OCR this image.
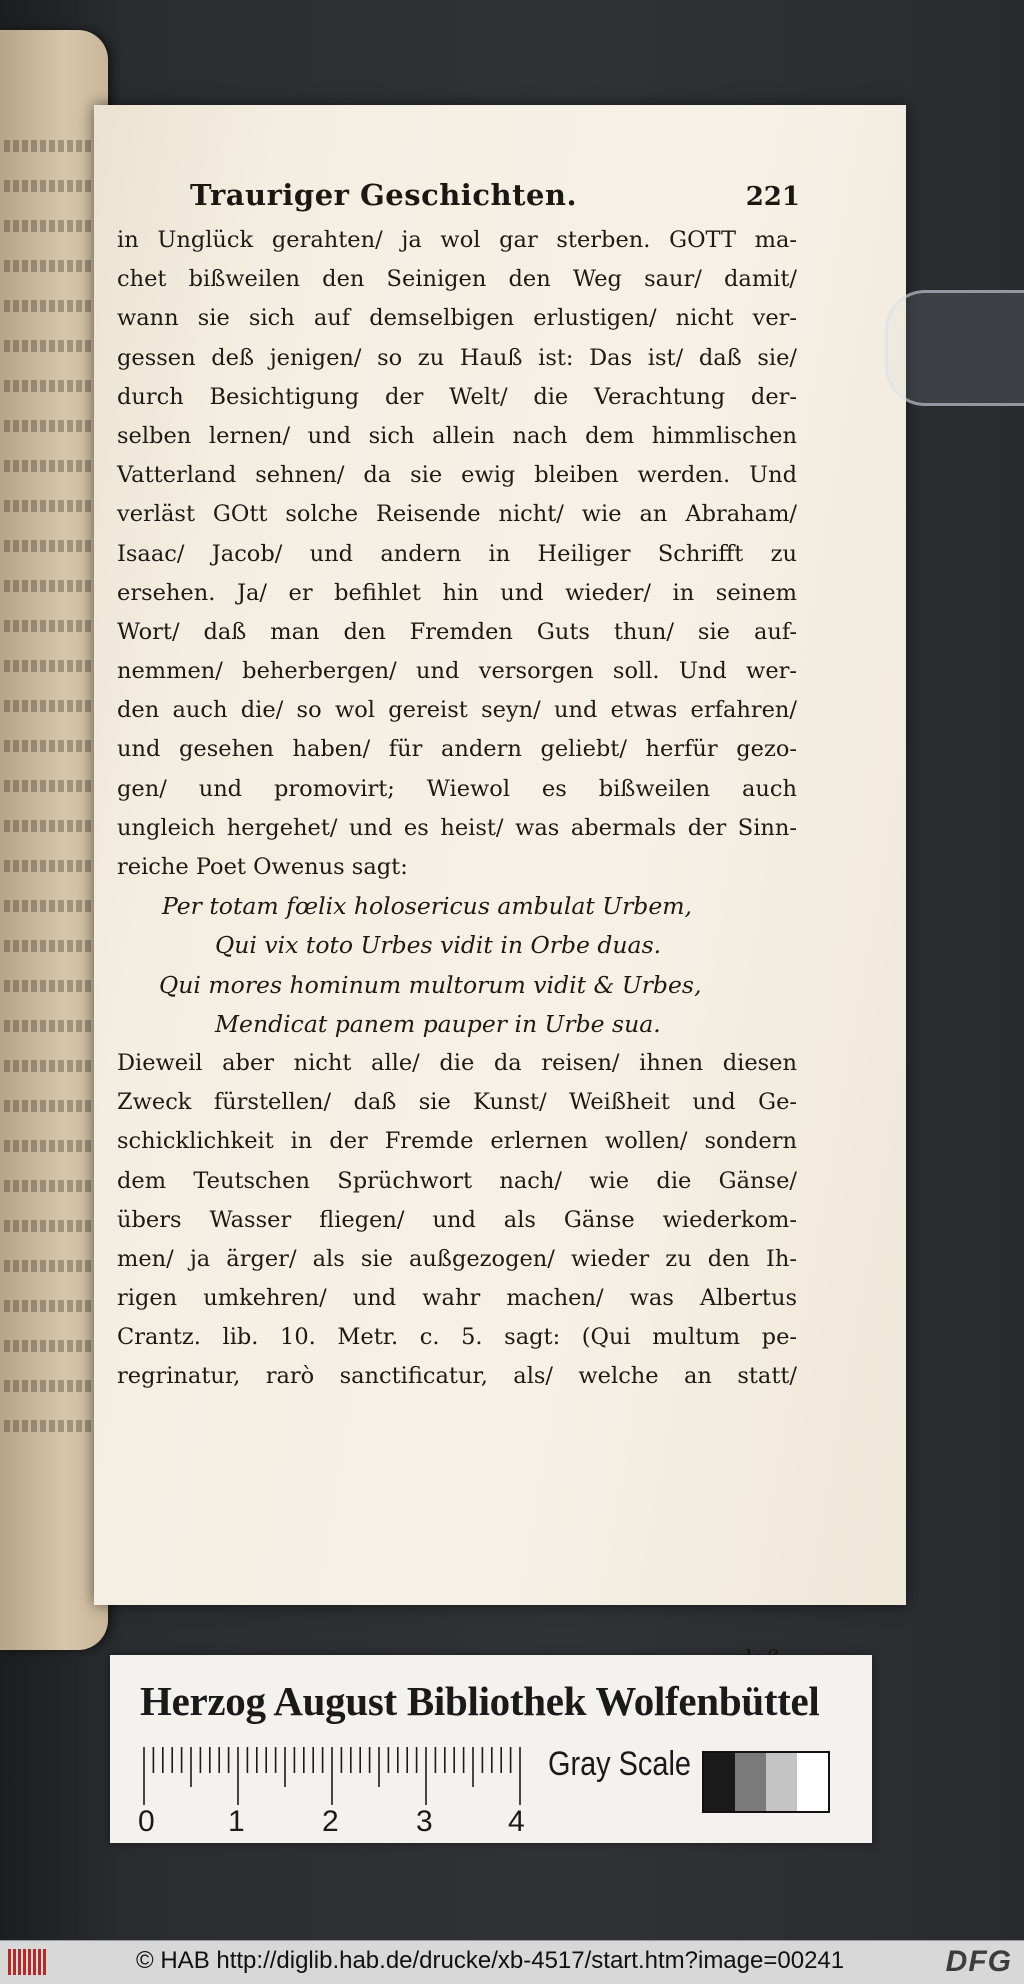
Trauriger Geschichten.	221
in Unglück gerahten/ ja wol gar sterben. GOTT ma-
chet bißweilen den Seinigen den Weg saur/ damit/
wann sie sich auf demselbigen erlustigen/ nicht ver-
gessen deß jenigen/ so zu Hauß ist: Das ist/ daß sie/
durch Besichtigung der Welt/ die Verachtung der-
selben lernen/ und sich allein nach dem himmlischen
Vatterland sehnen/ da sie ewig bleiben werden. Und
verläst GOtt solche Reisende nicht/ wie an Abraham/
Isaac/ Jacob/ und andern in Heiliger Schrifft zu
ersehen. Ja/ er befihlet hin und wieder/ in seinem
Wort/ daß man den Fremden Guts thun/ sie auf-
nemmen/ beherbergen/ und versorgen soll. Und wer-
den auch die/ so wol gereist seyn/ und etwas erfahren/
und gesehen haben/ für andern geliebt/ herfür gezo-
gen/ und promovirt; Wiewol es bißweilen auch
ungleich hergehet/ und es heist/ was abermals der Sinn-
reiche Poet Owenus sagt:
Per totam fœlix holosericus ambulat Urbem,
Qui vix toto Urbes vidit in Orbe duas.
Qui mores hominum multorum vidit & Urbes,
Mendicat panem pauper in Urbe sua.
Dieweil aber nicht alle/ die da reisen/ ihnen diesen
Zweck fürstellen/ daß sie Kunst/ Weißheit und Ge-
schicklichkeit in der Fremde erlernen wollen/ sondern
dem Teutschen Sprüchwort nach/ wie die Gänse/
übers Wasser fliegen/ und als Gänse wiederkom-
men/ ja ärger/ als sie außgezogen/ wieder zu den Ih-
rigen umkehren/ und wahr machen/ was Albertus
Crantz. lib. 10. Metr. c. 5. sagt: (Qui multum pe-
regrinatur, rarò sanctificatur, als/ welche an statt/
Herzog August Bibliothek Wolfenbüttel
0 1	2	3	4
Gray Scale
© HAB http://diglib.hab.de/drucke/xb-4517/start.htm?image=00241	DFG
